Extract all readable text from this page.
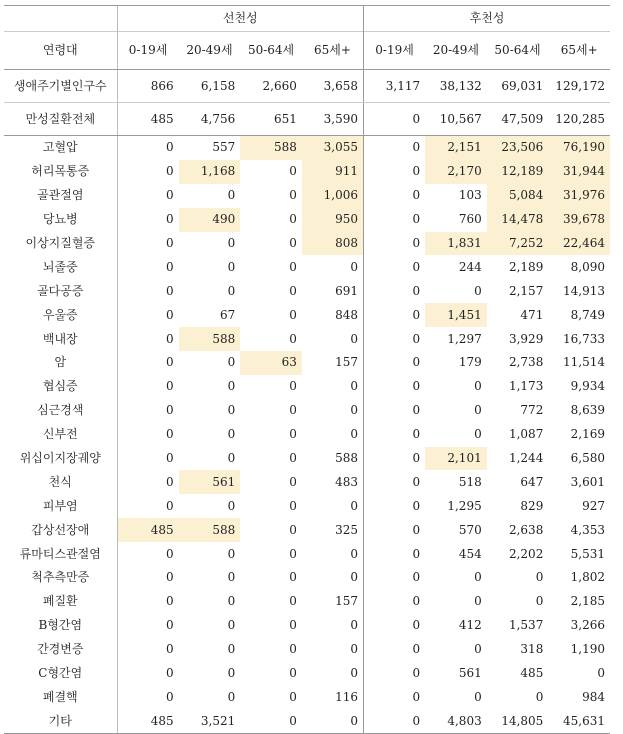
	선천성				후천성			
연령대	0-19세	20-49세	50-64세	65세+	0-19세	20-49세	50-64세	65세+
생애주기별인구수	866	6,158	2,660	3,658	3,117	38,132	69,031	129,172
만성질환전체	485	4,756	651	3,590	0	10,567	47,509	120,285
고혈압	0	557	588	3,055	0	2,151	23,506	76,190
허리목통증	0	1,168	0	911	0	2,170	12,189	31,944
골관절염	0	0	0	1,006	0	103	5,084	31,976
당뇨병	0	490	0	950	0	760	14,478	39,678
이상지질혈증	0	0	0	808	0	1,831	7,252	22,464
뇌졸중	0	0	0	0	0	244	2,189	8,090
골다공증	0	0	0	691	0	0	2,157	14,913
우울증	0	67	0	848	0	1,451	471	8,749
백내장	0	588	0	0	0	1,297	3,929	16,733
암	0	0	63	157	0	179	2,738	11,514
협심증	0	0	0	0	0	0	1,173	9,934
심근경색	0	0	0	0	0	0	772	8,639
신부전	0	0	0	0	0	0	1,087	2,169
위십이지장궤양	0	0	0	588	0	2,101	1,244	6,580
천식	0	561	0	483	0	518	647	3,601
피부염	0	0	0	0	0	1,295	829	927
갑상선장애	485	588	0	325	0	570	2,638	4,353
류마티스관절염	0	0	0	0	0	454	2,202	5,531
척추측만증	0	0	0	0	0	0	0	1,802
폐질환	0	0	0	157	0	0	0	2,185
B형간염	0	0	0	0	0	412	1,537	3,266
간경변증	0	0	0	0	0	0	318	1,190
C형간염	0	0	0	0	0	561	485	0
폐결핵	0	0	0	116	0	0	0	984
기타	485	3,521	0	0	0	4,803	14,805	45,631
